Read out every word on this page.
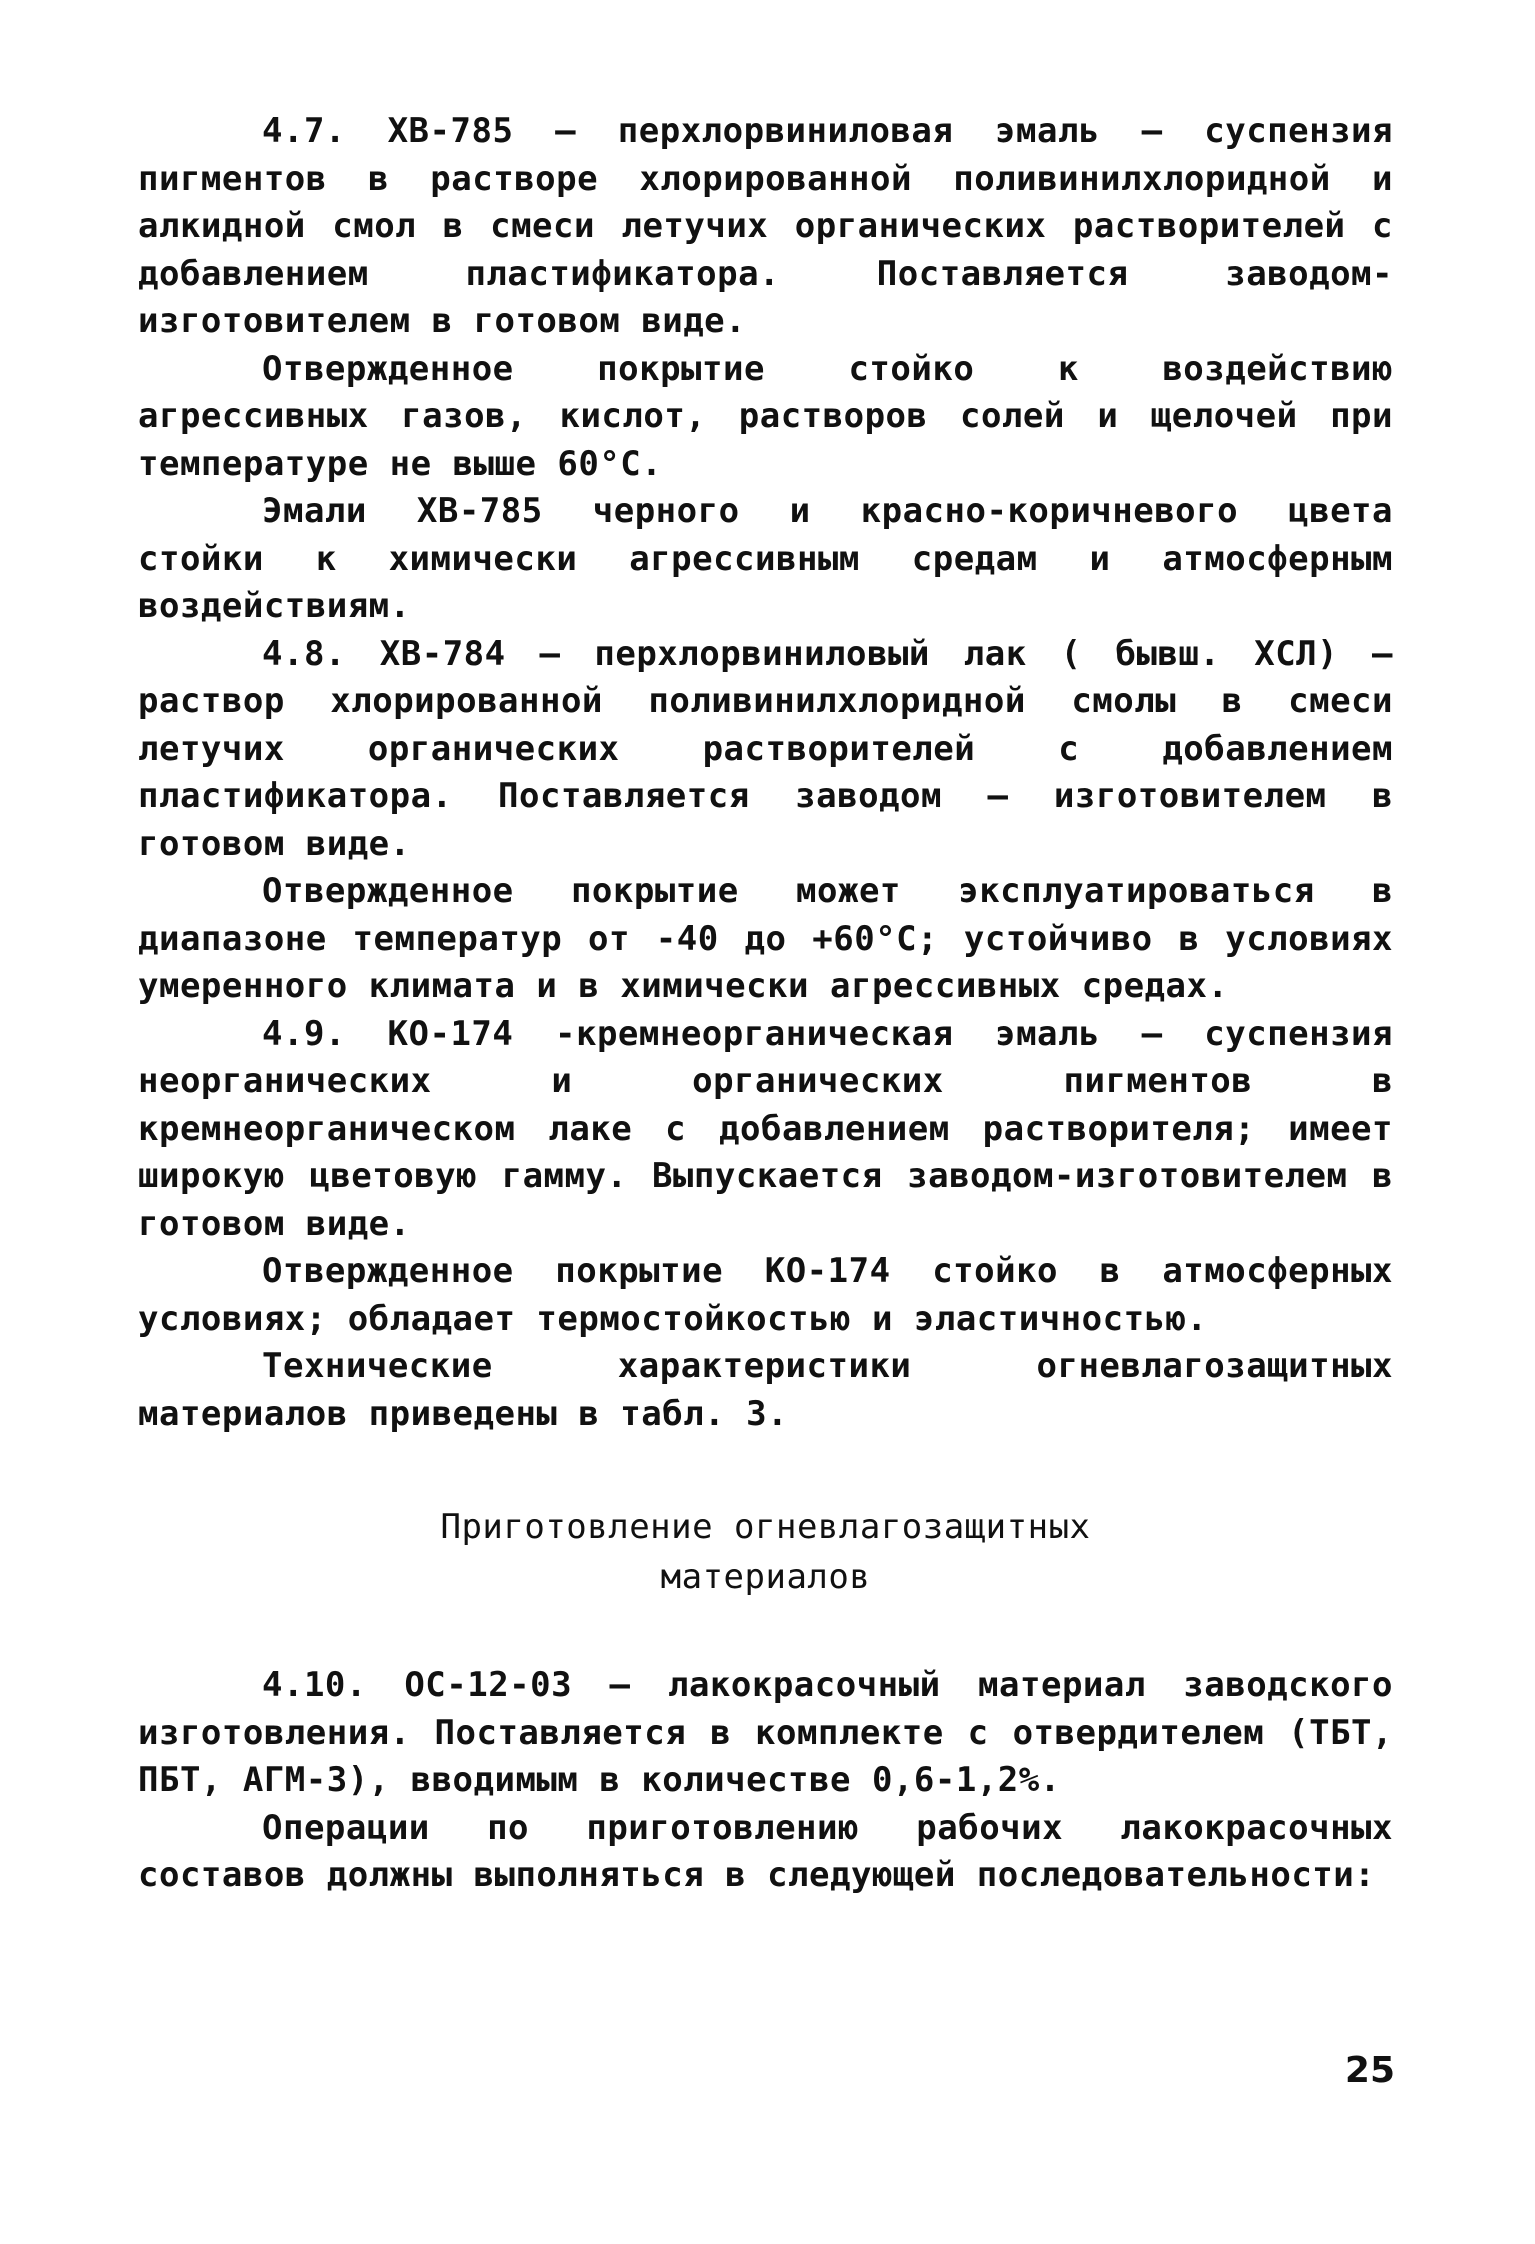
4.7. ХВ-785 – перхлорвиниловая эмаль – суспензия пигментов в растворе хлорированной поливинилхлоридной и алкидной смол в смеси летучих органических растворителей с добавлением пластификатора. Поставляется заводом-изготовителем в готовом виде.

Отвержденное покрытие стойко к воздействию агрессивных газов, кислот, растворов солей и щелочей при температуре не выше 60°С.

Эмали ХВ-785 черного и красно-коричневого цвета стойки к химически агрессивным средам и атмосферным воздействиям.

4.8. ХВ-784 – перхлорвиниловый лак ( бывш. ХСЛ) – раствор хлорированной поливинилхлоридной смолы в смеси летучих органических растворителей с добавлением пластификатора. Поставляется заводом – изготовителем в готовом виде.

Отвержденное покрытие может эксплуатироваться в диапазоне температур от -40 до +60°С; устойчиво в условиях умеренного климата и в химически агрессивных средах.

4.9. КО-174 -кремнеорганическая эмаль – суспензия неорганических и органических пигментов в кремнеорганическом лаке с добавлением растворителя; имеет широкую цветовую гамму. Выпускается заводом-изготовителем в готовом виде.

Отвержденное покрытие КО-174 стойко в атмосферных условиях; обладает термостойкостью и эластичностью.

Технические характеристики огневлагозащитных материалов приведены в табл. 3.

Приготовление огневлагозащитных

материалов

4.10. ОС-12-03 – лакокрасочный материал заводского изготовления. Поставляется в комплекте с отвердителем (ТБТ, ПБТ, АГМ-3), вводимым в количестве 0,6-1,2%.

Операции по приготовлению рабочих лакокрасочных составов должны выполняться в следующей последовательности:

25
